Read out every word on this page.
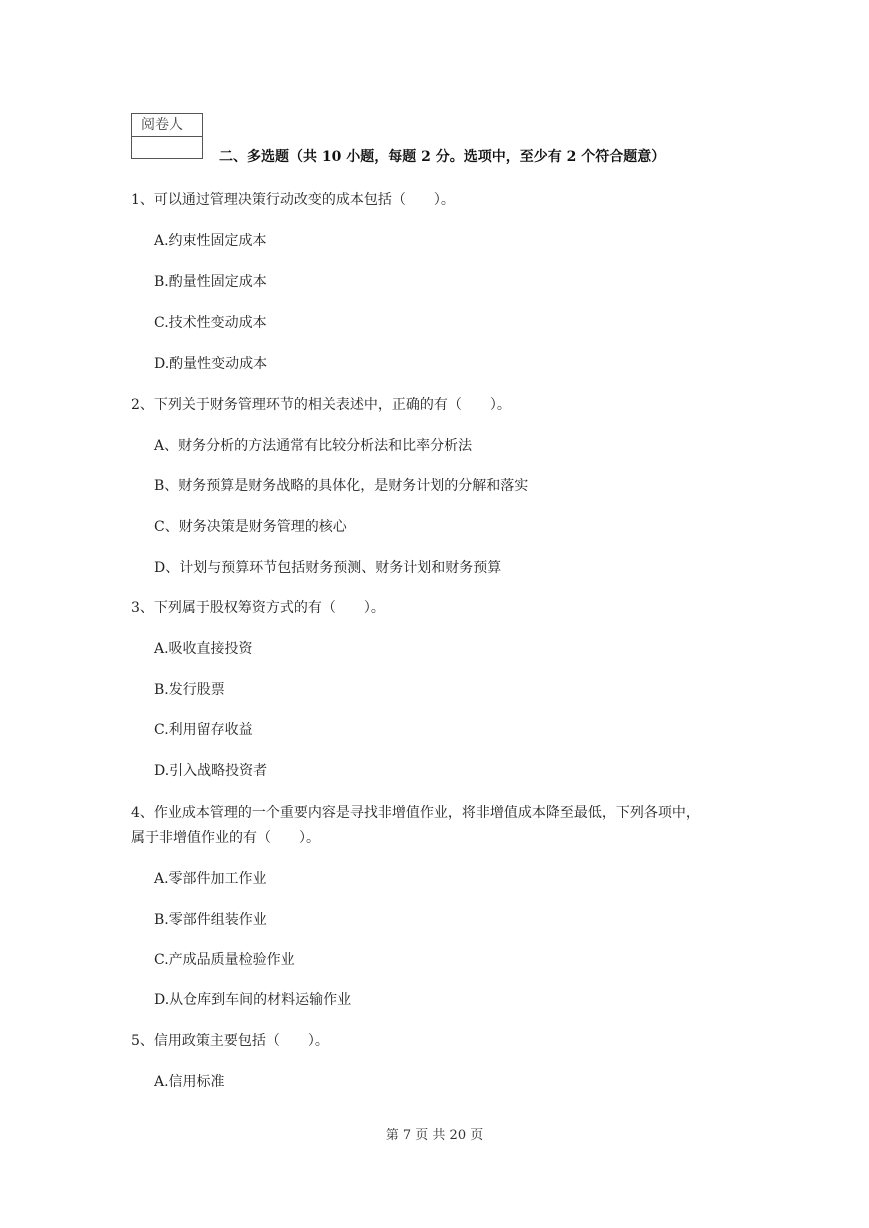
阅卷人
二、多选题（共 10 小题，每题 2 分。选项中，至少有 2 个符合题意）
1、可以通过管理决策行动改变的成本包括（　　）。
A.约束性固定成本
B.酌量性固定成本
C.技术性变动成本
D.酌量性变动成本
2、下列关于财务管理环节的相关表述中，正确的有（　　）。
A、财务分析的方法通常有比较分析法和比率分析法
B、财务预算是财务战略的具体化，是财务计划的分解和落实
C、财务决策是财务管理的核心
D、计划与预算环节包括财务预测、财务计划和财务预算
3、下列属于股权筹资方式的有（　　）。
A.吸收直接投资
B.发行股票
C.利用留存收益
D.引入战略投资者
4、作业成本管理的一个重要内容是寻找非增值作业，将非增值成本降至最低，下列各项中，
属于非增值作业的有（　　）。
A.零部件加工作业
B.零部件组装作业
C.产成品质量检验作业
D.从仓库到车间的材料运输作业
5、信用政策主要包括（　　）。
A.信用标准
第 7 页 共 20 页
